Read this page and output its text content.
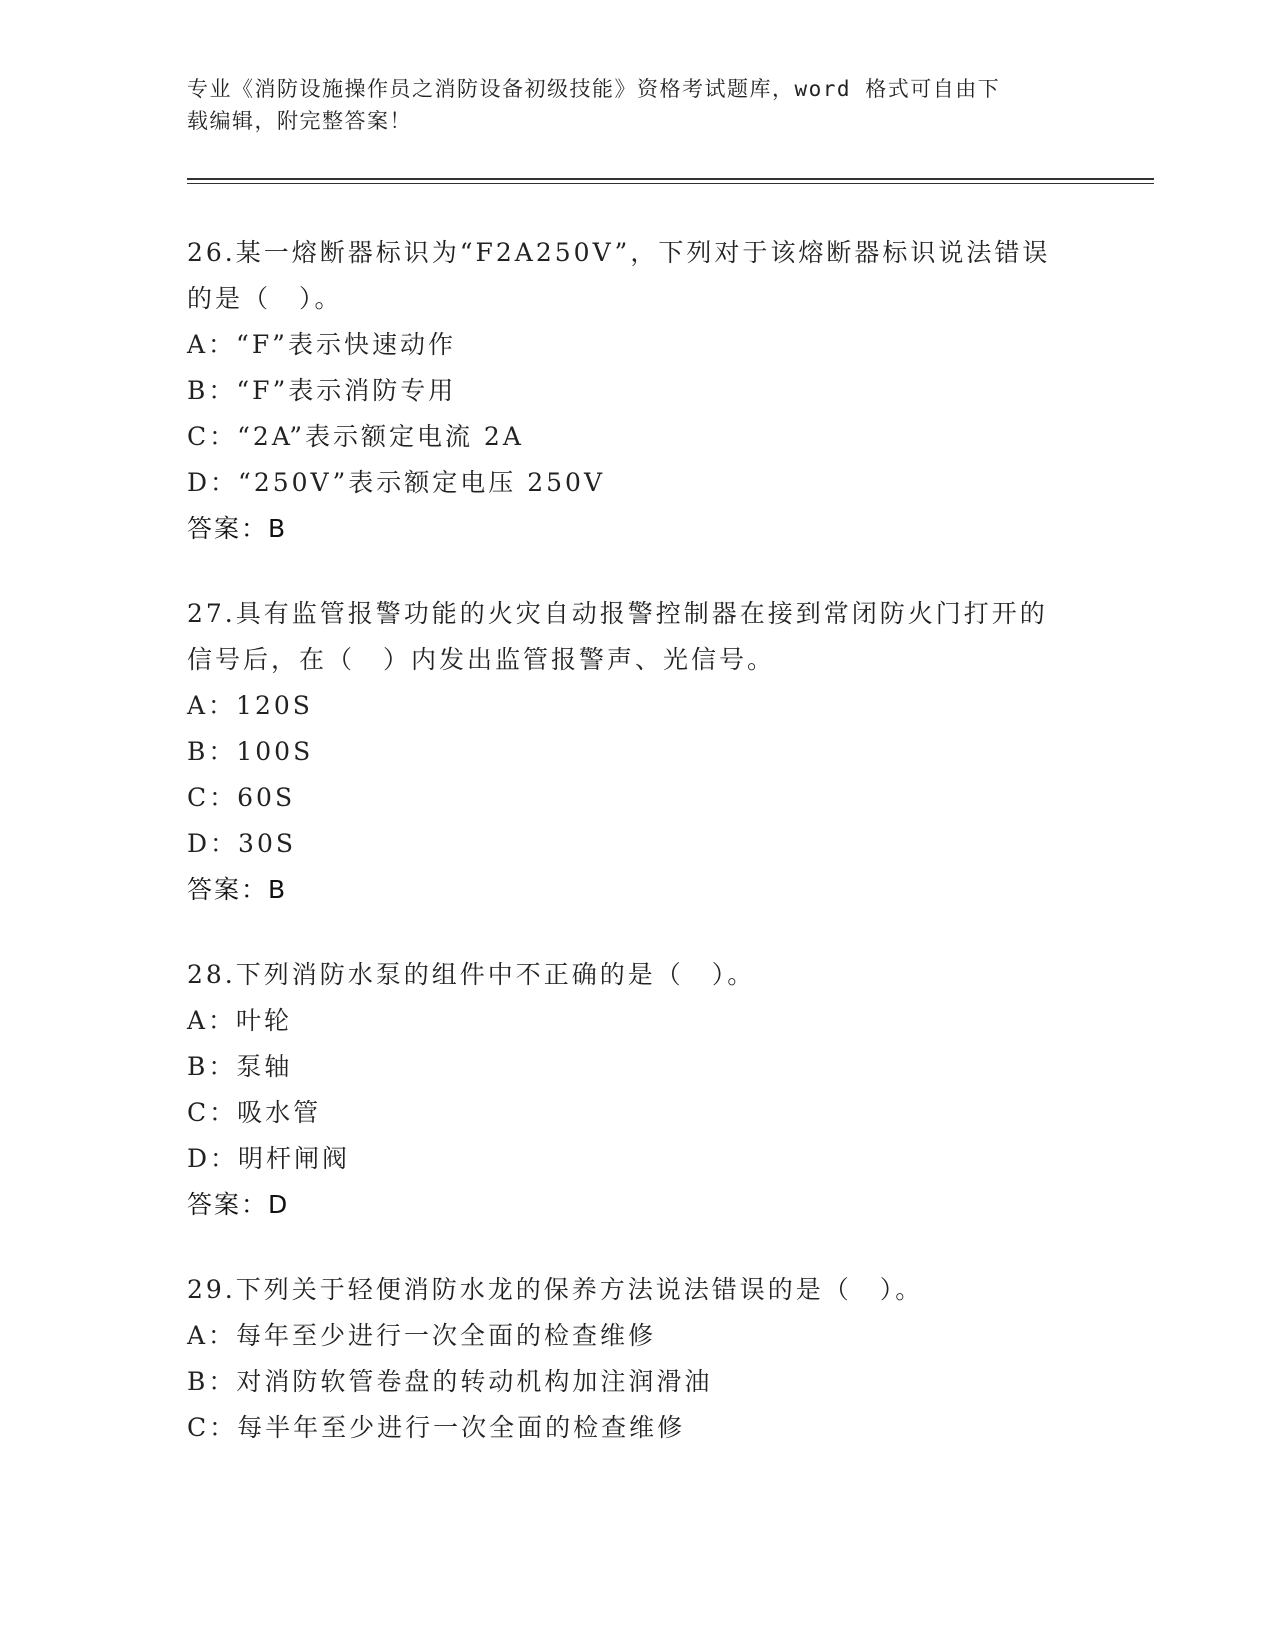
专业《消防设施操作员之消防设备初级技能》资格考试题库，word 格式可自由下
载编辑，附完整答案！
26.某一熔断器标识为“F2A250V”，下列对于该熔断器标识说法错误
的是（　）。
A：“F”表示快速动作
B：“F”表示消防专用
C：“2A”表示额定电流 2A
D：“250V”表示额定电压 250V
答案：B
27.具有监管报警功能的火灾自动报警控制器在接到常闭防火门打开的
信号后，在（　）内发出监管报警声、光信号。
A：120S
B：100S
C：60S
D：30S
答案：B
28.下列消防水泵的组件中不正确的是（　）。
A：叶轮
B：泵轴
C：吸水管
D：明杆闸阀
答案：D
29.下列关于轻便消防水龙的保养方法说法错误的是（　）。
A：每年至少进行一次全面的检查维修
B：对消防软管卷盘的转动机构加注润滑油
C：每半年至少进行一次全面的检查维修
